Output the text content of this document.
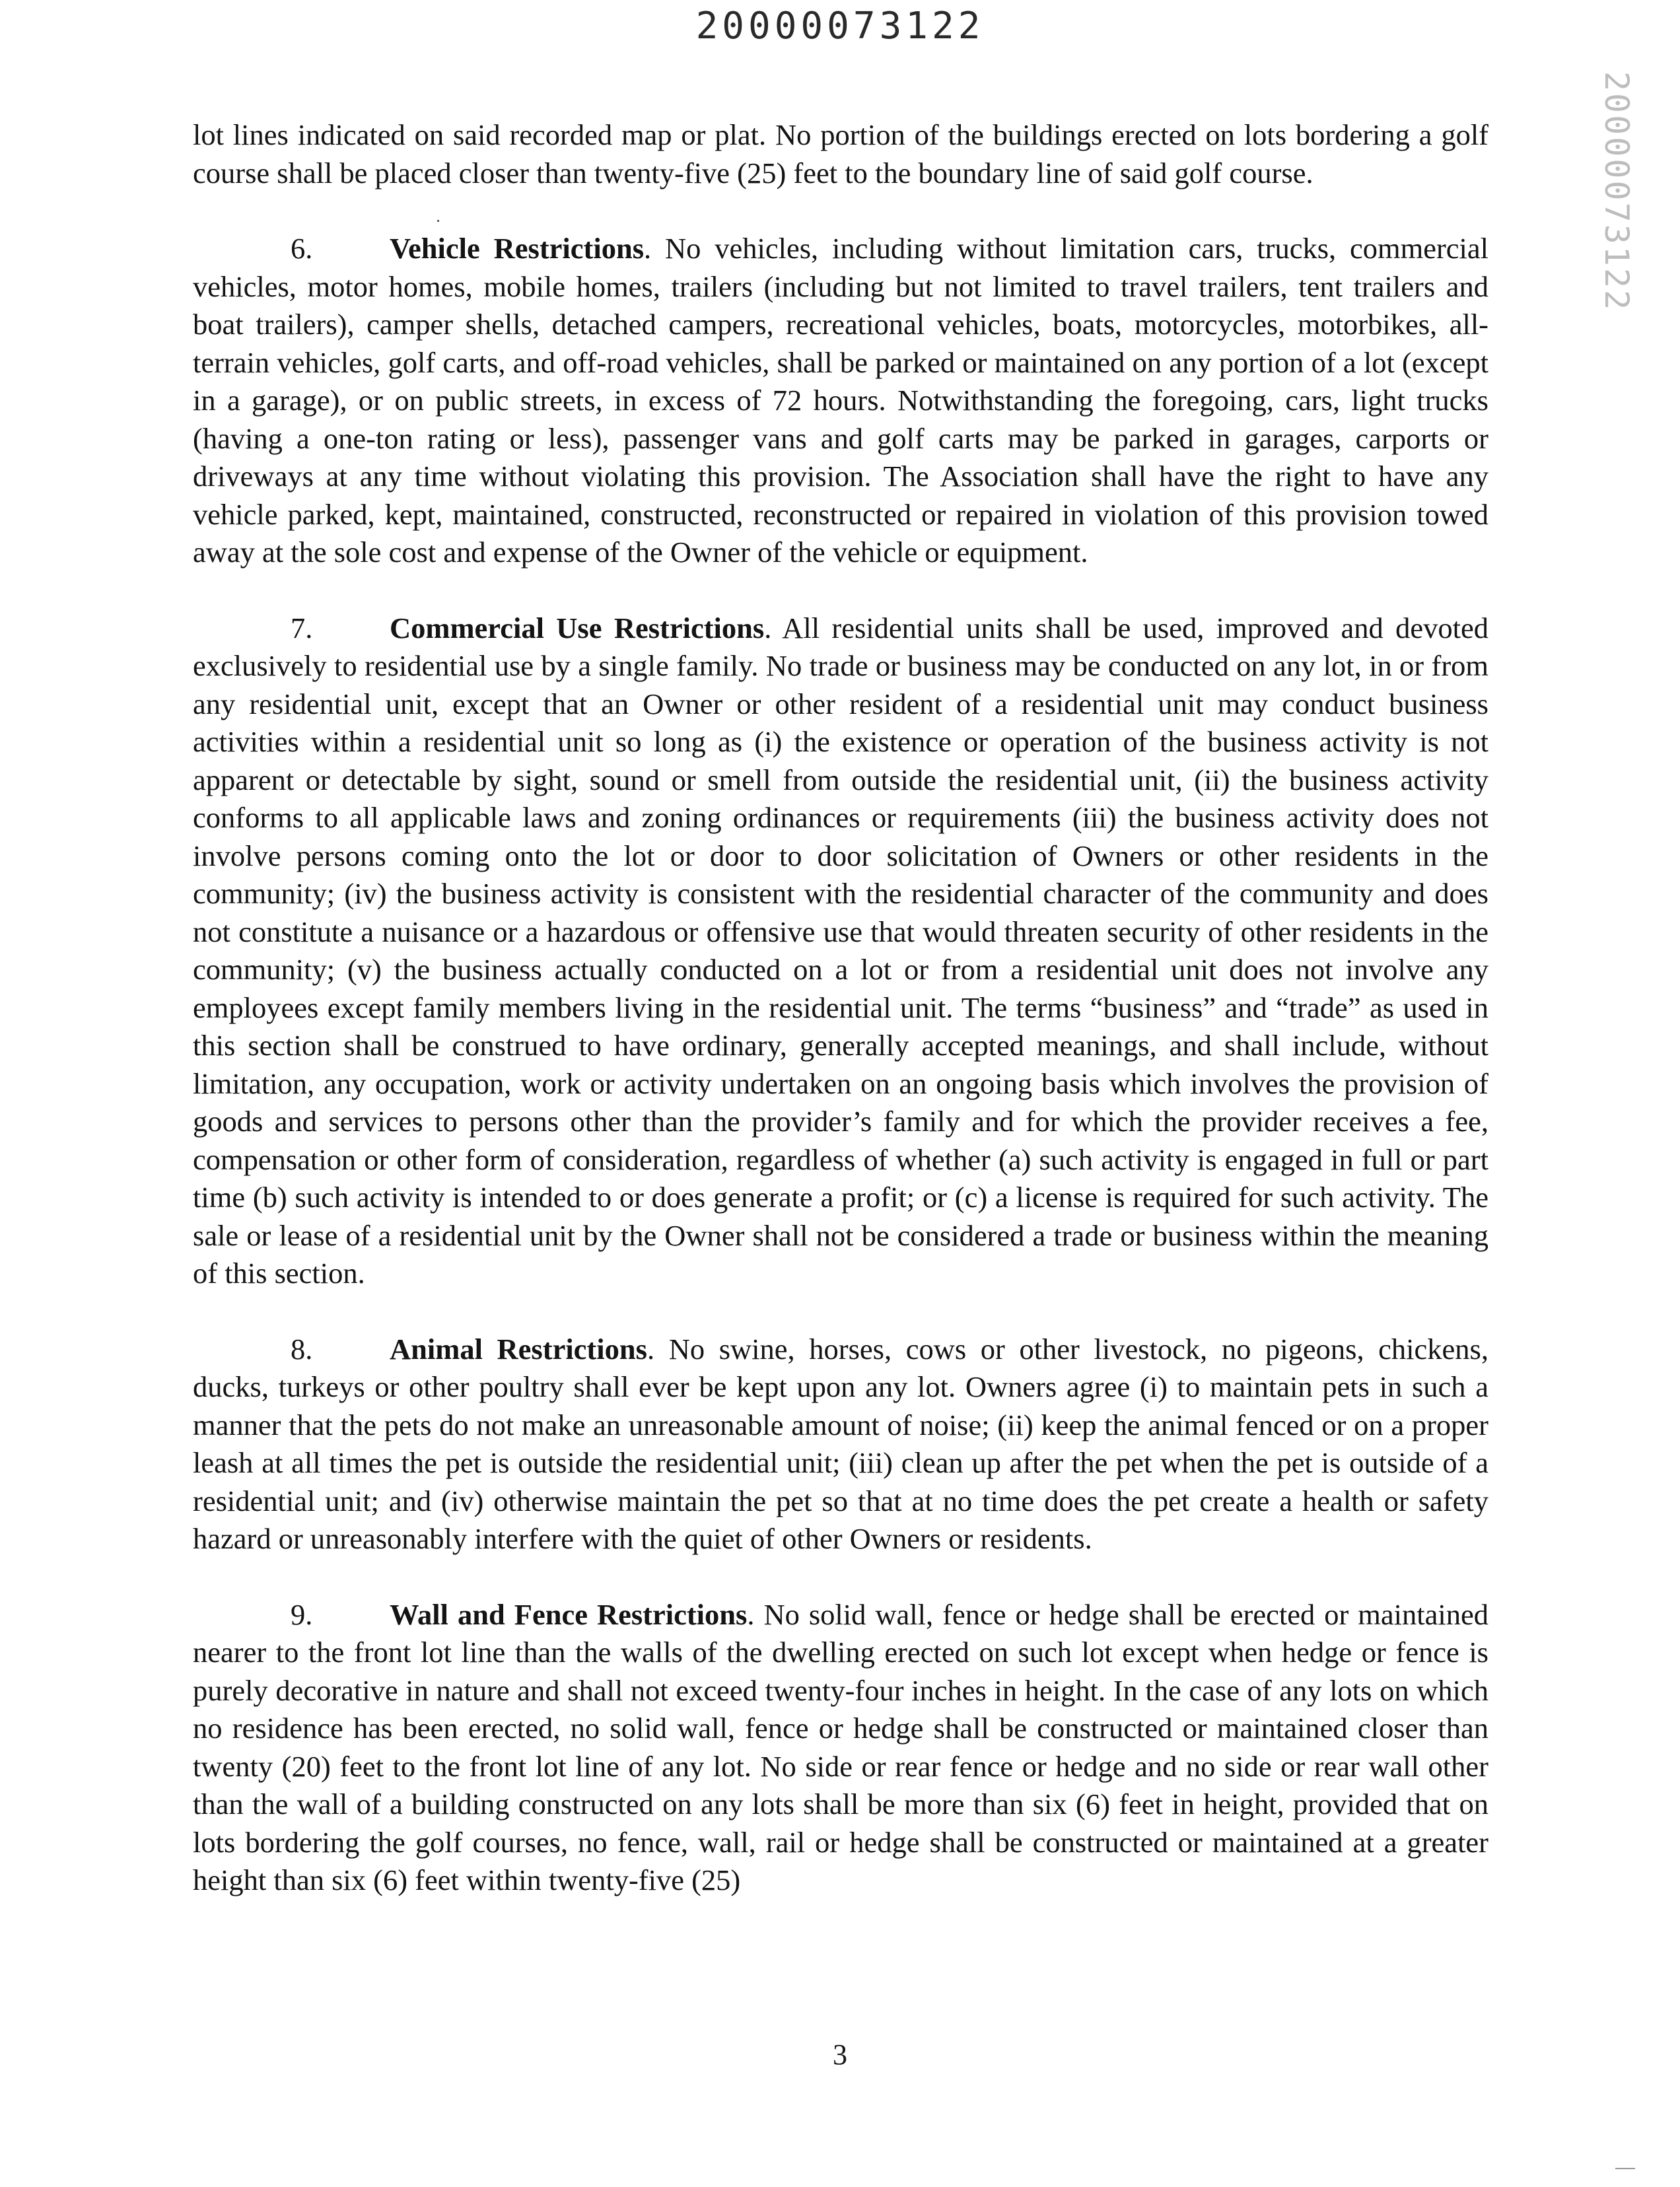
20000073122
20000073122

lot lines indicated on said recorded map or plat. No portion of the buildings erected on lots bordering a golf course shall be placed closer than twenty-five (25) feet to the boundary line of said golf course.

6.	Vehicle Restrictions. No vehicles, including without limitation cars, trucks, commercial vehicles, motor homes, mobile homes, trailers (including but not limited to travel trailers, tent trailers and boat trailers), camper shells, detached campers, recreational vehicles, boats, motorcycles, motorbikes, all-terrain vehicles, golf carts, and off-road vehicles, shall be parked or maintained on any portion of a lot (except in a garage), or on public streets, in excess of 72 hours. Notwithstanding the foregoing, cars, light trucks (having a one-ton rating or less), passenger vans and golf carts may be parked in garages, carports or driveways at any time without violating this provision. The Association shall have the right to have any vehicle parked, kept, maintained, constructed, reconstructed or repaired in violation of this provision towed away at the sole cost and expense of the Owner of the vehicle or equipment.

7.	Commercial Use Restrictions. All residential units shall be used, improved and devoted exclusively to residential use by a single family. No trade or business may be conducted on any lot, in or from any residential unit, except that an Owner or other resident of a residential unit may conduct business activities within a residential unit so long as (i) the existence or operation of the business activity is not apparent or detectable by sight, sound or smell from outside the residential unit, (ii) the business activity conforms to all applicable laws and zoning ordinances or requirements (iii) the business activity does not involve persons coming onto the lot or door to door solicitation of Owners or other residents in the community; (iv) the business activity is consistent with the residential character of the community and does not constitute a nuisance or a hazardous or offensive use that would threaten security of other residents in the community; (v) the business actually conducted on a lot or from a residential unit does not involve any employees except family members living in the residential unit. The terms “business” and “trade” as used in this section shall be construed to have ordinary, generally accepted meanings, and shall include, without limitation, any occupation, work or activity undertaken on an ongoing basis which involves the provision of goods and services to persons other than the provider’s family and for which the provider receives a fee, compensation or other form of consideration, regardless of whether (a) such activity is engaged in full or part time (b) such activity is intended to or does generate a profit; or (c) a license is required for such activity. The sale or lease of a residential unit by the Owner shall not be considered a trade or business within the meaning of this section.

8.	Animal Restrictions. No swine, horses, cows or other livestock, no pigeons, chickens, ducks, turkeys or other poultry shall ever be kept upon any lot. Owners agree (i) to maintain pets in such a manner that the pets do not make an unreasonable amount of noise; (ii) keep the animal fenced or on a proper leash at all times the pet is outside the residential unit; (iii) clean up after the pet when the pet is outside of a residential unit; and (iv) otherwise maintain the pet so that at no time does the pet create a health or safety hazard or unreasonably interfere with the quiet of other Owners or residents.

9.	Wall and Fence Restrictions. No solid wall, fence or hedge shall be erected or maintained nearer to the front lot line than the walls of the dwelling erected on such lot except when hedge or fence is purely decorative in nature and shall not exceed twenty-four inches in height. In the case of any lots on which no residence has been erected, no solid wall, fence or hedge shall be constructed or maintained closer than twenty (20) feet to the front lot line of any lot. No side or rear fence or hedge and no side or rear wall other than the wall of a building constructed on any lots shall be more than six (6) feet in height, provided that on lots bordering the golf courses, no fence, wall, rail or hedge shall be constructed or maintained at a greater height than six (6) feet within twenty-five (25)

3
